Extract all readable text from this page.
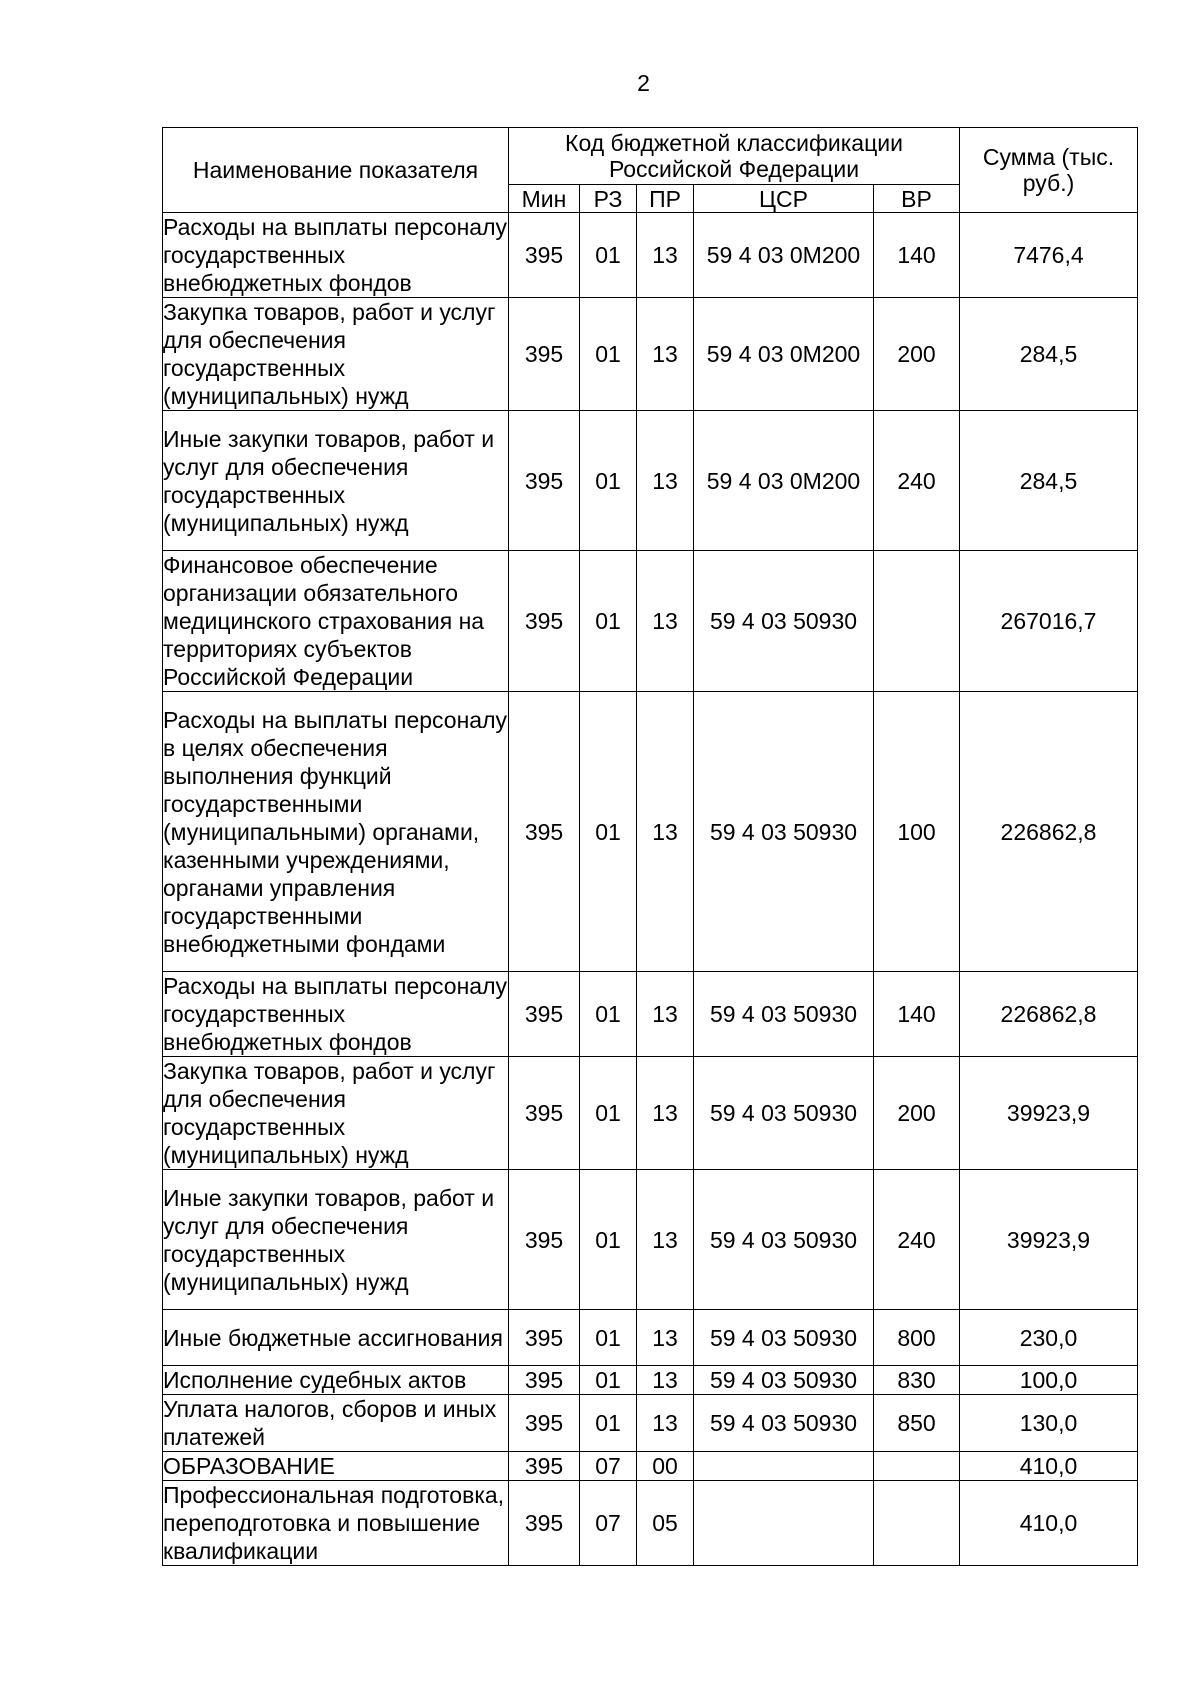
2
Наименование показателя	Код бюджетной классификации Российской Федерации					Сумма (тыс. руб.)
	Мин	РЗ	ПР	ЦСР	ВР	
Расходы на выплаты персоналу государственных внебюджетных фондов	395	01	13	59 4 03 0M200	140	7476,4
Закупка товаров, работ и услуг для обеспечения государственных (муниципальных) нужд	395	01	13	59 4 03 0M200	200	284,5
Иные закупки товаров, работ и услуг для обеспечения государственных (муниципальных) нужд	395	01	13	59 4 03 0M200	240	284,5
Финансовое обеспечение организации обязательного медицинского страхования на территориях субъектов Российской Федерации	395	01	13	59 4 03 50930		267016,7
Расходы на выплаты персоналу в целях обеспечения выполнения функций государственными (муниципальными) органами, казенными учреждениями, органами управления государственными внебюджетными фондами	395	01	13	59 4 03 50930	100	226862,8
Расходы на выплаты персоналу государственных внебюджетных фондов	395	01	13	59 4 03 50930	140	226862,8
Закупка товаров, работ и услуг для обеспечения государственных (муниципальных) нужд	395	01	13	59 4 03 50930	200	39923,9
Иные закупки товаров, работ и услуг для обеспечения государственных (муниципальных) нужд	395	01	13	59 4 03 50930	240	39923,9
Иные бюджетные ассигнования	395	01	13	59 4 03 50930	800	230,0
Исполнение судебных актов	395	01	13	59 4 03 50930	830	100,0
Уплата налогов, сборов и иных платежей	395	01	13	59 4 03 50930	850	130,0
ОБРАЗОВАНИЕ	395	07	00			410,0
Профессиональная подготовка, переподготовка и повышение квалификации	395	07	05			410,0
